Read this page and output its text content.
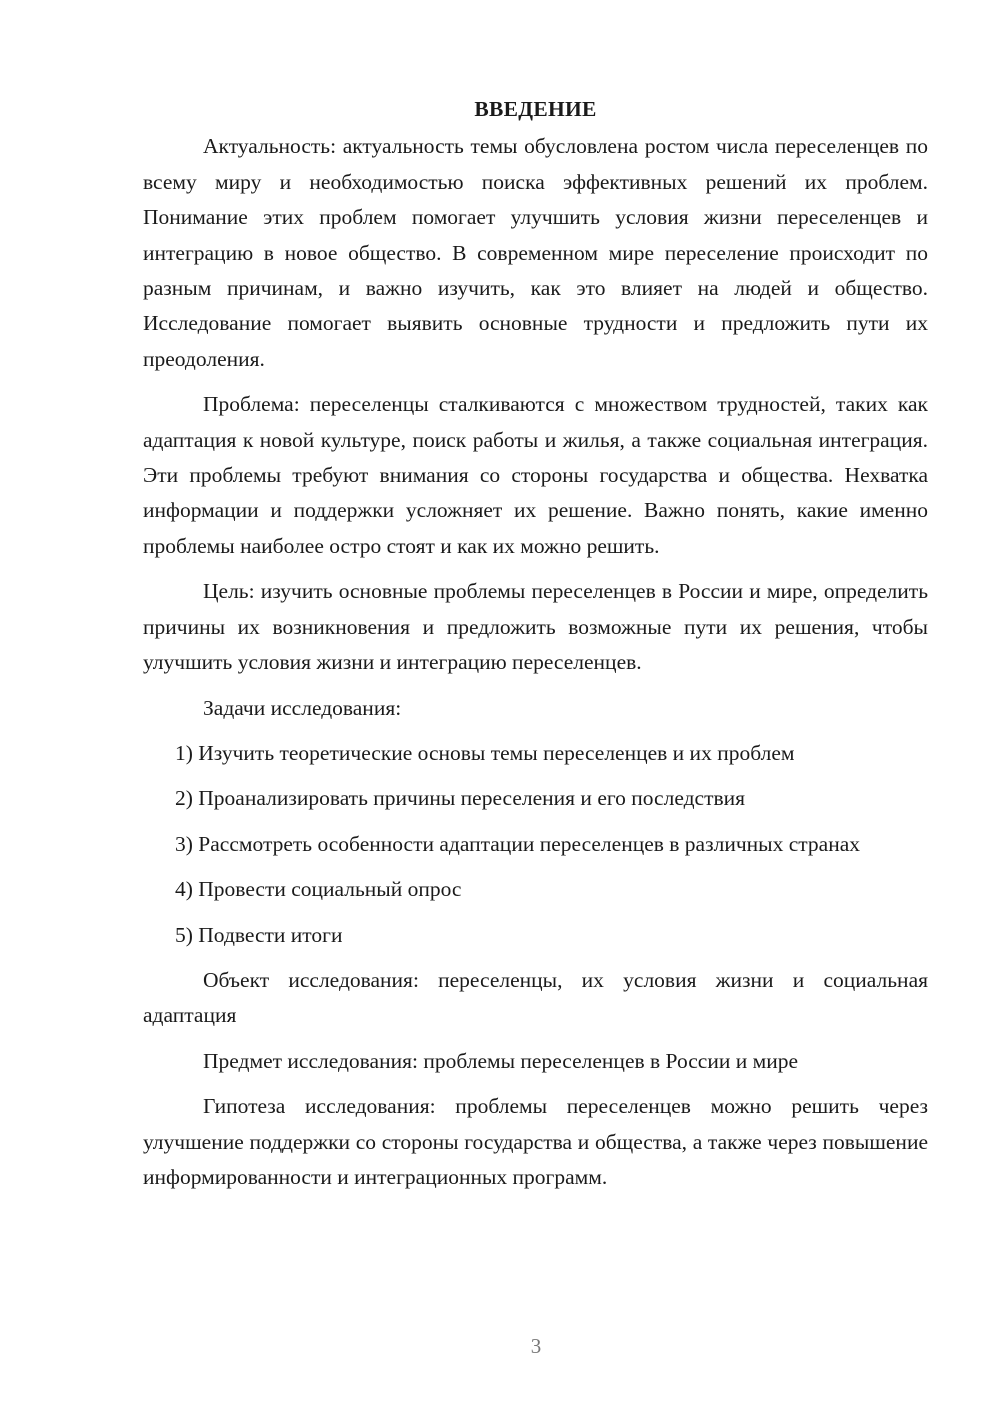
ВВЕДЕНИЕ

Актуальность: актуальность темы обусловлена ростом числа переселенцев по всему миру и необходимостью поиска эффективных решений их проблем. Понимание этих проблем помогает улучшить условия жизни переселенцев и интеграцию в новое общество. В современном мире переселение происходит по разным причинам, и важно изучить, как это влияет на людей и общество. Исследование помогает выявить основные трудности и предложить пути их преодоления.

Проблема: переселенцы сталкиваются с множеством трудностей, таких как адаптация к новой культуре, поиск работы и жилья, а также социальная интеграция. Эти проблемы требуют внимания со стороны государства и общества. Нехватка информации и поддержки усложняет их решение. Важно понять, какие именно проблемы наиболее остро стоят и как их можно решить.

Цель: изучить основные проблемы переселенцев в России и мире, определить причины их возникновения и предложить возможные пути их решения, чтобы улучшить условия жизни и интеграцию переселенцев.

Задачи исследования:

1) Изучить теоретические основы темы переселенцев и их проблем

2) Проанализировать причины переселения и его последствия

3) Рассмотреть особенности адаптации переселенцев в различных странах

4) Провести социальный опрос

5) Подвести итоги

Объект исследования: переселенцы, их условия жизни и социальная адаптация

Предмет исследования: проблемы переселенцев в России и мире

Гипотеза исследования: проблемы переселенцев можно решить через улучшение поддержки со стороны государства и общества, а также через повышение информированности и интеграционных программ.

3
